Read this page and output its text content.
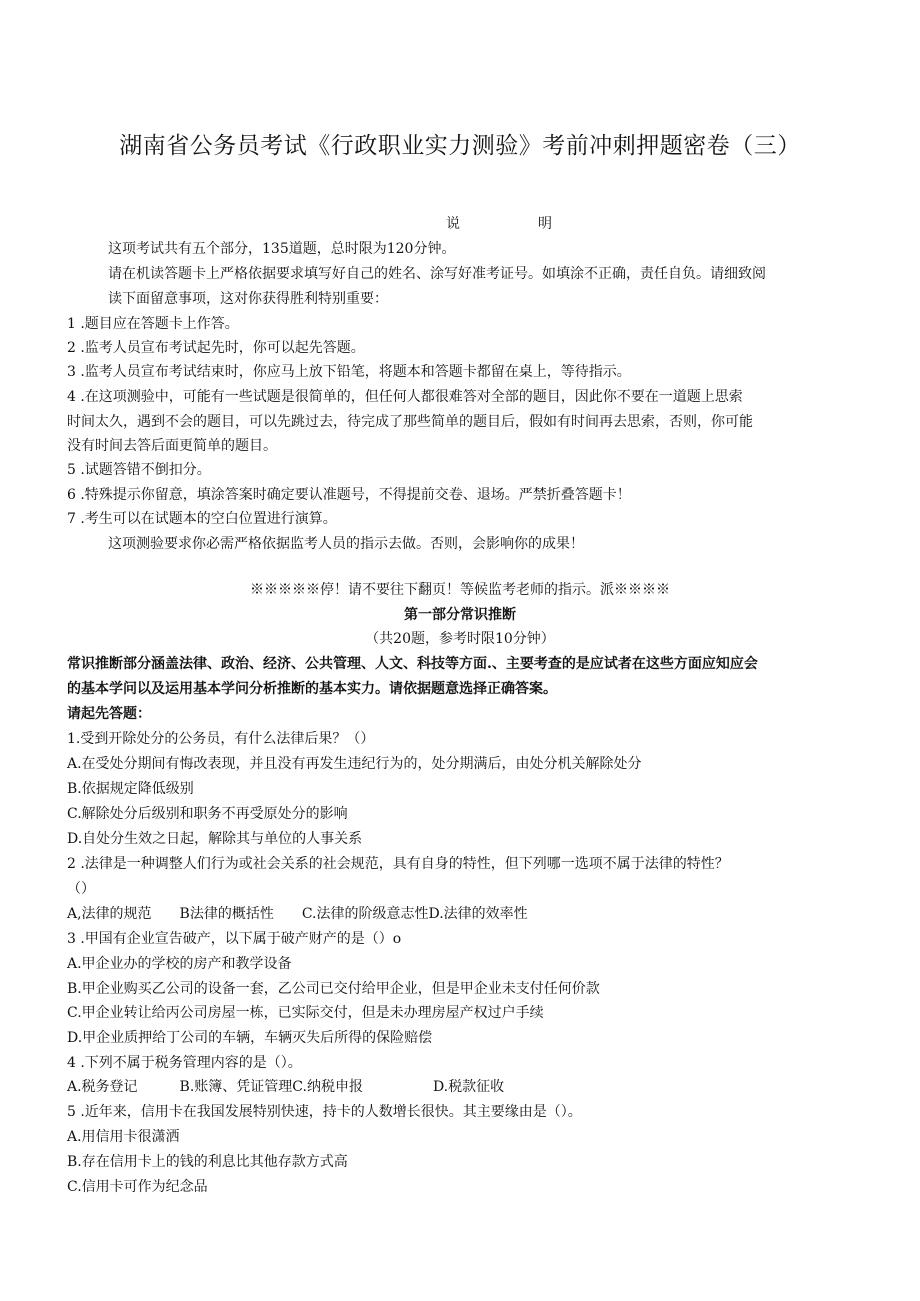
湖南省公务员考试《行政职业实力测验》考前冲刺押题密卷（三）
说明
这项考试共有五个部分，135道题，总时限为120分钟。
请在机读答题卡上严格依据要求填写好自己的姓名、涂写好准考证号。如填涂不正确，责任自负。请细致阅
读下面留意事项，这对你获得胜利特别重要：
1 .题目应在答题卡上作答。
2 .监考人员宣布考试起先时，你可以起先答题。
3 .监考人员宣布考试结束时，你应马上放下铅笔，将题本和答题卡都留在桌上，等待指示。
4 .在这项测验中，可能有一些试题是很简单的，但任何人都很难答对全部的题目，因此你不要在一道题上思索
时间太久，遇到不会的题目，可以先跳过去，待完成了那些简单的题目后，假如有时间再去思索，否则，你可能
没有时间去答后面更简单的题目。
5 .试题答错不倒扣分。
6 .特殊提示你留意，填涂答案时确定要认准题号，不得提前交卷、退场。严禁折叠答题卡！
7 .考生可以在试题本的空白位置进行演算。
这项测验要求你必需严格依据监考人员的指示去做。否则，会影响你的成果！
※※※※※停！请不要往下翻页！等候监考老师的指示。派※※※※
第一部分常识推断
（共20题，参考时限10分钟）
常识推断部分涵盖法律、政治、经济、公共管理、人文、科技等方面.、主要考查的是应试者在这些方面应知应会
的基本学问以及运用基本学问分析推断的基本实力。请依据题意选择正确答案。
请起先答题：
1.受到开除处分的公务员，有什么法律后果？（）
A.在受处分期间有悔改表现，并且没有再发生违纪行为的，处分期满后，由处分机关解除处分
B.依据规定降低级别
C.解除处分后级别和职务不再受原处分的影响
D.自处分生效之日起，解除其与单位的人事关系
2 .法律是一种调整人们行为或社会关系的社会规范，具有自身的特性，但下列哪一选项不属于法律的特性？
（）
A,法律的规范　　B法律的概括性　　C.法律的阶级意志性D.法律的效率性
3 .甲国有企业宣告破产，以下属于破产财产的是（）o
A.甲企业办的学校的房产和教学设备
B.甲企业购买乙公司的设备一套，乙公司已交付给甲企业，但是甲企业未支付任何价款
C.甲企业转让给丙公司房屋一栋，已实际交付，但是未办理房屋产权过户手续
D.甲企业质押给丁公司的车辆，车辆灭失后所得的保险赔偿
4 .下列不属于税务管理内容的是（）。
A.税务登记　　　B.账簿、凭证管理C.纳税申报　　　　　D.税款征收
5 .近年来，信用卡在我国发展特别快速，持卡的人数增长很快。其主要缘由是（）。
A.用信用卡很潇洒
B.存在信用卡上的钱的利息比其他存款方式高
C.信用卡可作为纪念品
